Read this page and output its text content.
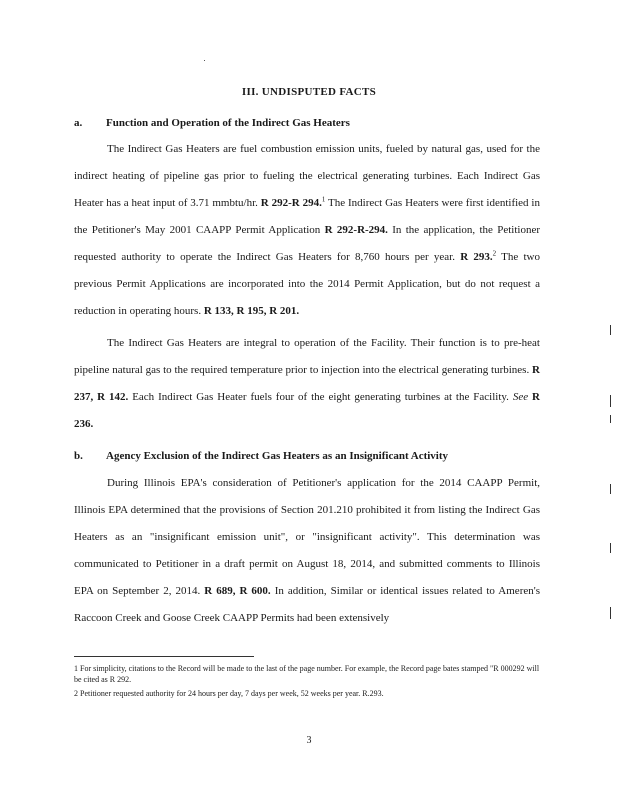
III. UNDISPUTED FACTS
a. Function and Operation of the Indirect Gas Heaters

The Indirect Gas Heaters are fuel combustion emission units, fueled by natural gas, used for the indirect heating of pipeline gas prior to fueling the electrical generating turbines. Each Indirect Gas Heater has a heat input of 3.71 mmbtu/hr. R 292-R 294.$^1$ The Indirect Gas Heaters were first identified in the Petitioner's May 2001 CAAPP Permit Application R 292-R-294. In the application, the Petitioner requested authority to operate the Indirect Gas Heaters for 8,760 hours per year. R 293.$^2$ The two previous Permit Applications are incorporated into the 2014 Permit Application, but do not request a reduction in operating hours. R 133, R 195, R 201.

The Indirect Gas Heaters are integral to operation of the Facility. Their function is to pre-heat pipeline natural gas to the required temperature prior to injection into the electrical generating turbines. R 237, R 142. Each Indirect Gas Heater fuels four of the eight generating turbines at the Facility. See R 236.

b. Agency Exclusion of the Indirect Gas Heaters as an Insignificant Activity

During Illinois EPA's consideration of Petitioner's application for the 2014 CAAPP Permit, Illinois EPA determined that the provisions of Section 201.210 prohibited it from listing the Indirect Gas Heaters as an "insignificant emission unit", or "insignificant activity". This determination was communicated to Petitioner in a draft permit on August 18, 2014, and submitted comments to Illinois EPA on September 2, 2014. R 689, R 600. In addition, Similar or identical issues related to Ameren's Raccoon Creek and Goose Creek CAAPP Permits had been extensively

1 For simplicity, citations to the Record will be made to the last of the page number. For example, the Record page bates stamped "R 000292 will be cited as R 292.

2 Petitioner requested authority for 24 hours per day, 7 days per week, 52 weeks per year. R.293.

3
